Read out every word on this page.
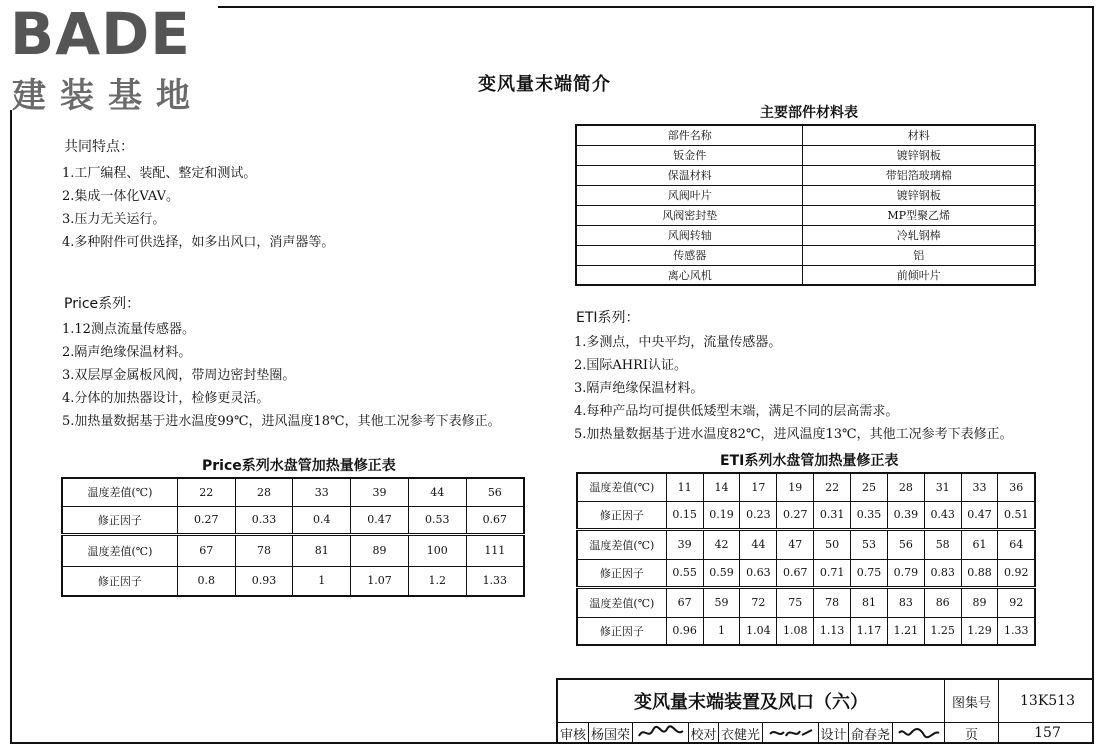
BADE
建装基地	变风量末端简介
共同特点：
1.工厂编程、装配、整定和测试。
2.集成一体化VAV。
3.压力无关运行。
4.多种附件可供选择，如多出风口，消声器等。
Price系列：
1.12测点流量传感器。
2.隔声绝缘保温材料。
3.双层厚金属板风阀，带周边密封垫圈。
4.分体的加热器设计，检修更灵活。
5.加热量数据基于进水温度99℃，进风温度18℃，其他工况参考下表修正。
主要部件材料表
部件名称	材料
钣金件	镀锌钢板
保温材料	带铝箔玻璃棉
风阀叶片	镀锌钢板
风阀密封垫	MP型聚乙烯
风阀转轴	冷轧钢棒
传感器	铝
离心风机	前倾叶片
ETI系列：
1.多测点，中央平均，流量传感器。
2.国际AHRI认证。
3.隔声绝缘保温材料。
4.每种产品均可提供低矮型末端，满足不同的层高需求。
5.加热量数据基于进水温度82℃，进风温度13℃，其他工况参考下表修正。
Price系列水盘管加热量修正表
温度差值(℃)	22	28	33	39	44	56
修正因子	0.27	0.33	0.4	0.47	0.53	0.67
温度差值(℃)	67	78	81	89	100	111
修正因子	0.8	0.93	1	1.07	1.2	1.33
ETI系列水盘管加热量修正表
温度差值(℃)	11	14	17	19	22	25	28	31	33	36
修正因子	0.15	0.19	0.23	0.27	0.31	0.35	0.39	0.43	0.47	0.51
温度差值(℃)	39	42	44	47	50	53	56	58	61	64
修正因子	0.55	0.59	0.63	0.67	0.71	0.75	0.79	0.83	0.88	0.92
温度差值(℃)	67	59	72	75	78	81	83	86	89	92
修正因子	0.96	1	1.04	1.08	1.13	1.17	1.21	1.25	1.29	1.33
变风量末端装置及风口（六）	图集号	13K513
审核 杨国荣	校对 衣健光	设计 俞春尧	页	157
